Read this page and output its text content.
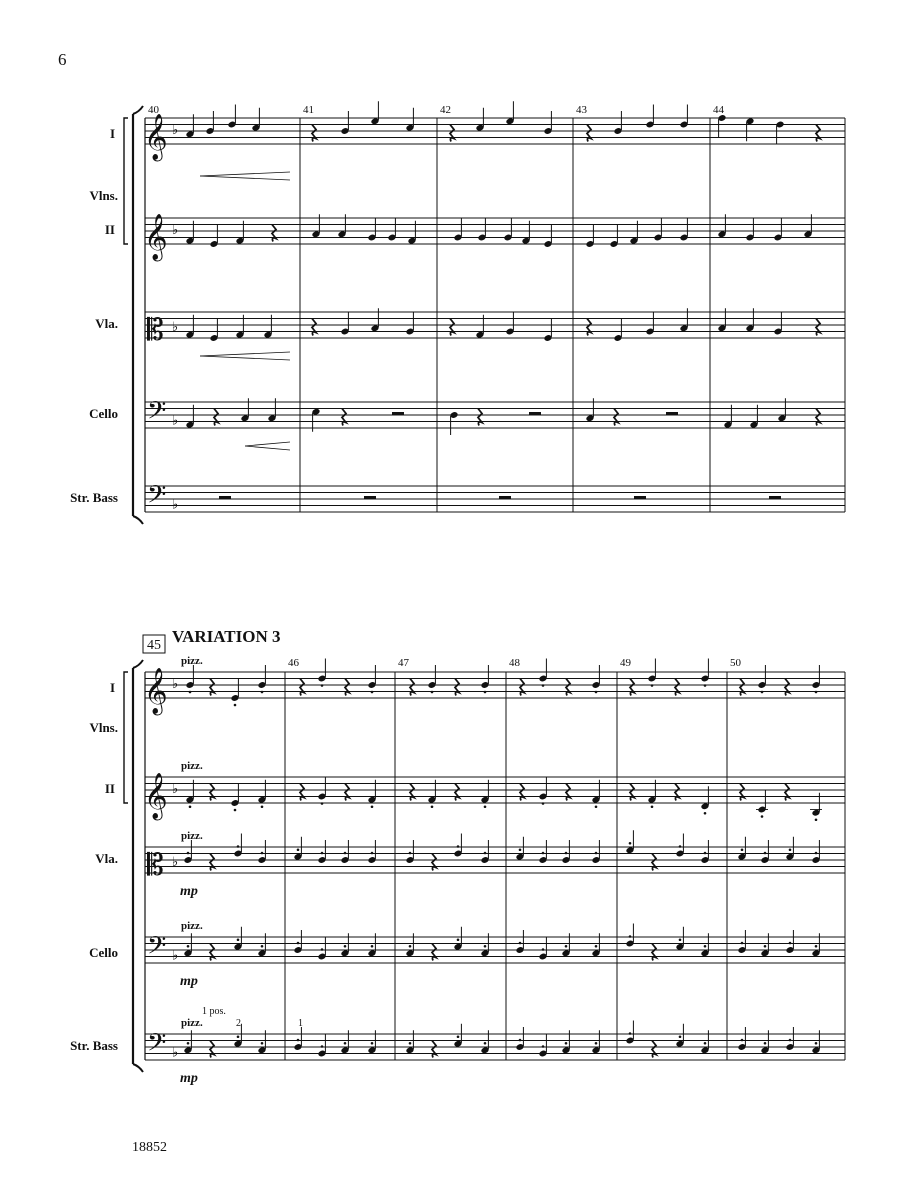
6
18852
𝄞
𝄞
𝄡
𝄢
𝄢
♭
♭
♭
♭
♭
40	41	42	43	44
I
Vlns.
II
Vla.
Cello
Str. Bass
𝄞
𝄞
𝄡
𝄢
𝄢
♭
♭
♭
♭
♭
45 VARIATION 3
46	47	48	49	50
pizz.
pizz.
pizz.
pizz.
pizz.
mp
mp
mp
1 pos.
2	1
I
Vlns.
II
Vla.
Cello
Str. Bass
